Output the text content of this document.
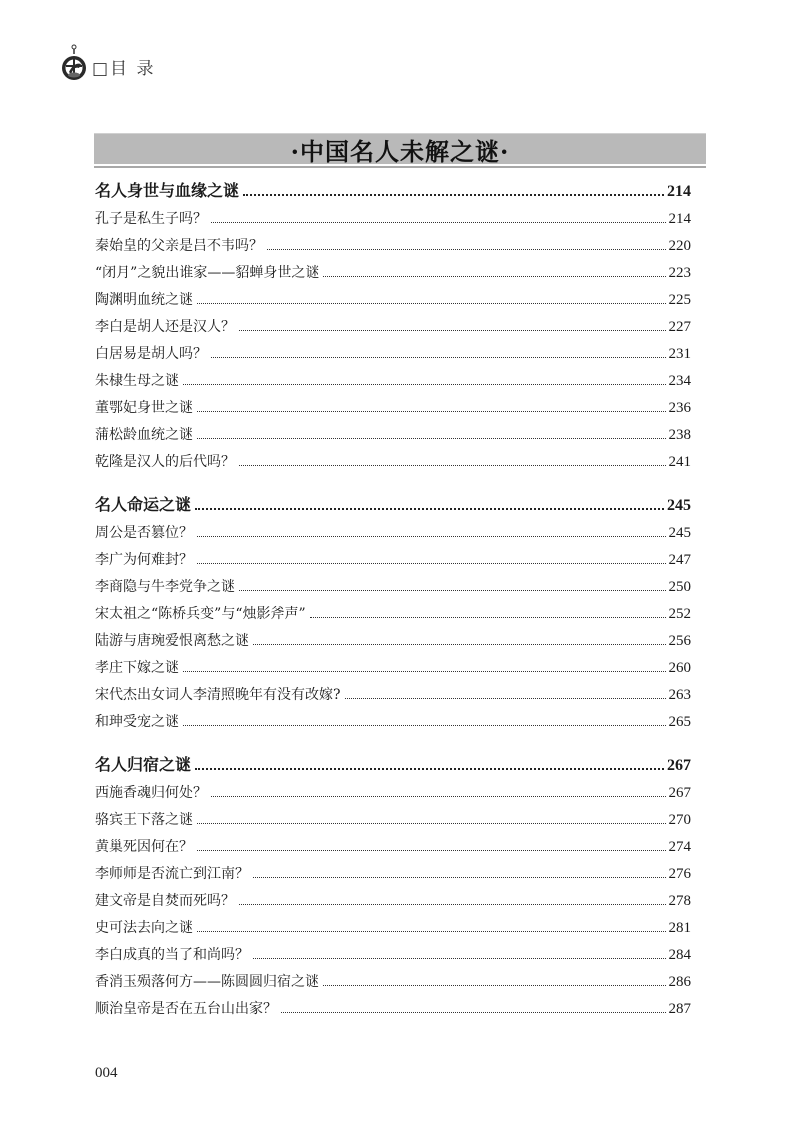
□目 录
·中国名人未解之谜·
名人身世与血缘之谜	214
孔子是私生子吗？	214
秦始皇的父亲是吕不韦吗？	220
“闭月”之貌出谁家——貂蝉身世之谜	223
陶渊明血统之谜	225
李白是胡人还是汉人？	227
白居易是胡人吗？	231
朱棣生母之谜	234
董鄂妃身世之谜	236
蒲松龄血统之谜	238
乾隆是汉人的后代吗？	241
名人命运之谜	245
周公是否篡位？	245
李广为何难封？	247
李商隐与牛李党争之谜	250
宋太祖之“陈桥兵变”与“烛影斧声”	252
陆游与唐琬爱恨离愁之谜	256
孝庄下嫁之谜	260
宋代杰出女词人李清照晚年有没有改嫁?	263
和珅受宠之谜	265
名人归宿之谜	267
西施香魂归何处？	267
骆宾王下落之谜	270
黄巢死因何在？	274
李师师是否流亡到江南？	276
建文帝是自焚而死吗？	278
史可法去向之谜	281
李白成真的当了和尚吗？	284
香消玉殒落何方——陈圆圆归宿之谜	286
顺治皇帝是否在五台山出家？	287
004
